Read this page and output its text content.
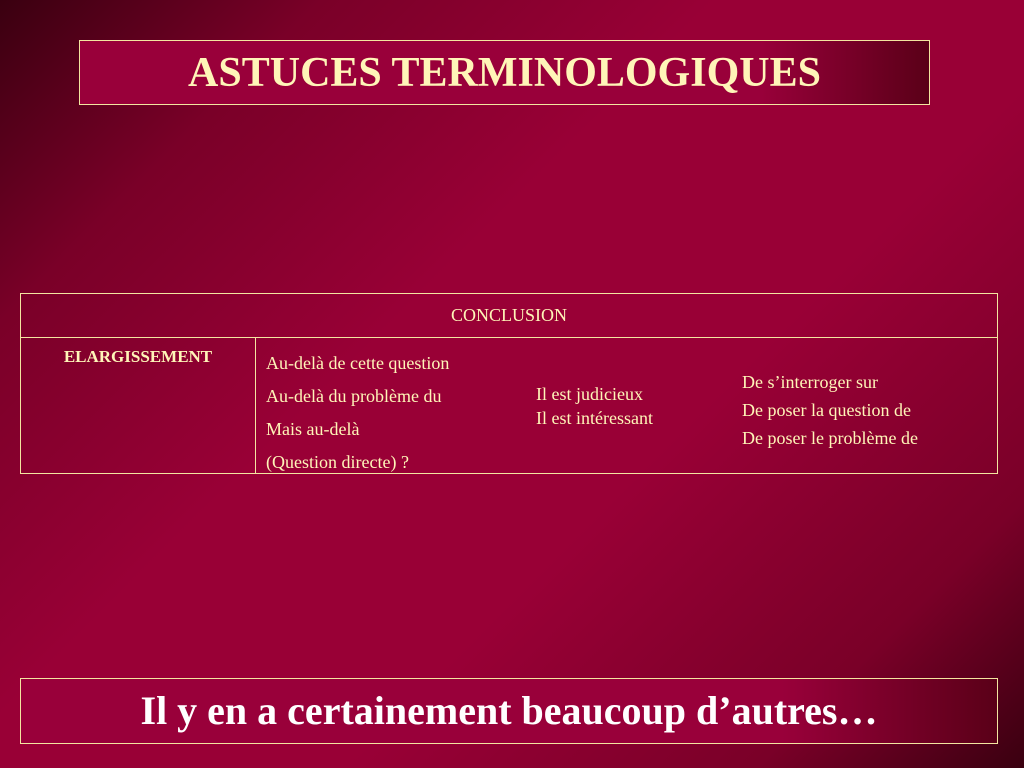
ASTUCES TERMINOLOGIQUES
CONCLUSION
ELARGISSEMENT	Au-delà de cette question
Au-delà du problème du
Mais au-delà
(Question directe) ?
Il est judicieux
Il est intéressant
De s’interroger sur
De poser la question de
De poser le problème de
Il y en a certainement beaucoup d’autres…
